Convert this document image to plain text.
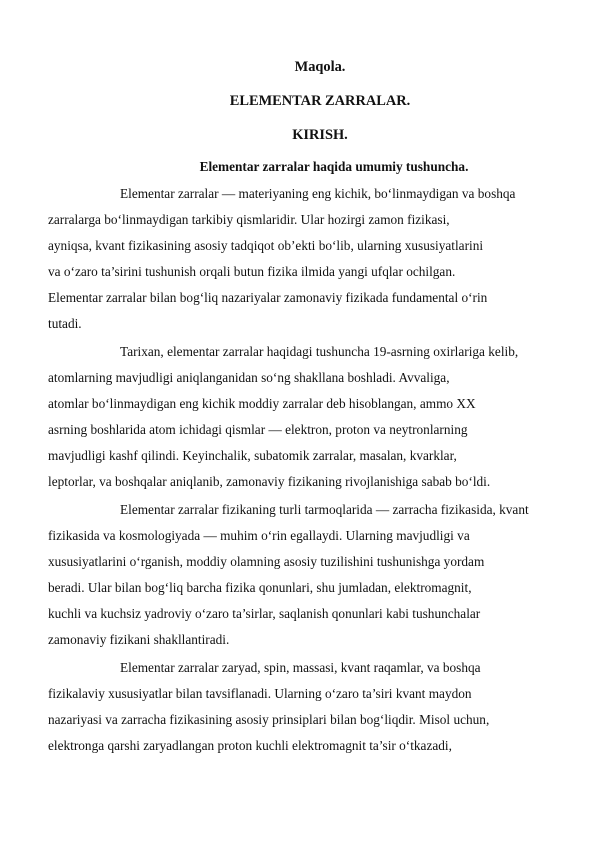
Maqola.

ELEMENTAR ZARRALAR.

KIRISH.

Elementar zarralar haqida umumiy tushuncha.

Elementar zarralar — materiyaning eng kichik, bo‘linmaydigan va boshqa
zarralarga bo‘linmaydigan tarkibiy qismlaridir. Ular hozirgi zamon fizikasi,
ayniqsa, kvant fizikasining asosiy tadqiqot ob’ekti bo‘lib, ularning xususiyatlarini
va o‘zaro ta’sirini tushunish orqali butun fizika ilmida yangi ufqlar ochilgan.
Elementar zarralar bilan bog‘liq nazariyalar zamonaviy fizikada fundamental o‘rin
tutadi.
Tarixan, elementar zarralar haqidagi tushuncha 19-asrning oxirlariga kelib,
atomlarning mavjudligi aniqlanganidan so‘ng shakllana boshladi. Avvaliga,
atomlar bo‘linmaydigan eng kichik moddiy zarralar deb hisoblangan, ammo XX
asrning boshlarida atom ichidagi qismlar — elektron, proton va neytronlarning
mavjudligi kashf qilindi. Keyinchalik, subatomik zarralar, masalan, kvarklar,
leptorlar, va boshqalar aniqlanib, zamonaviy fizikaning rivojlanishiga sabab bo‘ldi.
Elementar zarralar fizikaning turli tarmoqlarida — zarracha fizikasida, kvant
fizikasida va kosmologiyada — muhim o‘rin egallaydi. Ularning mavjudligi va
xususiyatlarini o‘rganish, moddiy olamning asosiy tuzilishini tushunishga yordam
beradi. Ular bilan bog‘liq barcha fizika qonunlari, shu jumladan, elektromagnit,
kuchli va kuchsiz yadroviy o‘zaro ta’sirlar, saqlanish qonunlari kabi tushunchalar
zamonaviy fizikani shakllantiradi.
Elementar zarralar zaryad, spin, massasi, kvant raqamlar, va boshqa
fizikalaviy xususiyatlar bilan tavsiflanadi. Ularning o‘zaro ta’siri kvant maydon
nazariyasi va zarracha fizikasining asosiy prinsiplari bilan bog‘liqdir. Misol uchun,
elektronga qarshi zaryadlangan proton kuchli elektromagnit ta’sir o‘tkazadi,
